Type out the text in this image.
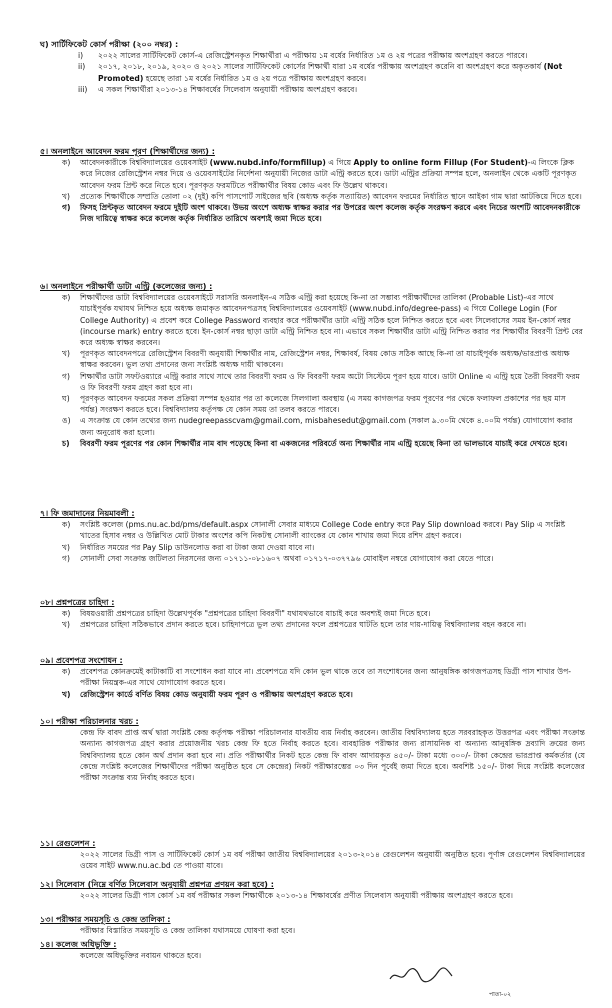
ঘ) সার্টিফিকেট কোর্স পরীক্ষা (২০০ নম্বর) :

i) ২০২২ সালের সার্টিফিকেট কোর্স-এ রেজিস্ট্রেশনকৃত শিক্ষার্থীরা এ পরীক্ষায় ১ম বর্ষের নির্ধারিত ১ম ও ২য় পত্রের পরীক্ষায় অংশগ্রহণ করতে পারবে।

ii) ২০১৭, ২০১৮, ২০১৯, ২০২০ ও ২০২১ সালের সার্টিফিকেট কোর্সের শিক্ষার্থী যারা ১ম বর্ষের পরীক্ষায় অংশগ্রহণ করেনি বা অংশগ্রহণ করে অকৃতকার্য (Not Promoted) হয়েছে তারা ১ম বর্ষের নির্ধারিত ১ম ও ২য় পত্রে পরীক্ষায় অংশগ্রহণ করবে।

iii) এ সকল শিক্ষার্থীরা ২০১৩-১৪ শিক্ষাবর্ষের সিলেবাস অনুযায়ী পরীক্ষায় অংশগ্রহণ করবে।

৫। অনলাইনে আবেদন ফরম পূরণ (শিক্ষার্থীদের জন্য) :

ক) আবেদনকারীকে বিশ্ববিদ্যালয়ের ওয়েবসাইট (www.nubd.info/formfillup) এ গিয়ে Apply to online form Fillup (For Student)-এ লিংকে ক্লিক করে নিজের রেজিস্ট্রেশন নম্বর দিয়ে ও ওয়েবসাইটের নির্দেশনা অনুযায়ী নিজের ডাটা এন্ট্রি করতে হবে। ডাটা এন্ট্রির প্রক্রিয়া সম্পন্ন হলে, অনলাইন থেকে একটি পূরণকৃত আবেদন ফরম প্রিন্ট করে নিতে হবে। পূরণকৃত ফরমটিতে পরীক্ষার্থীর বিষয় কোড এবং ফি উল্লেখ থাকবে।

খ) প্রত্যেক শিক্ষার্থীকে সম্প্রতি তোলা ০২ (দুই) কপি পাসপোর্ট সাইজের ছবি (অধ্যক্ষ কর্তৃক সত্যায়িত) আবেদন ফরমের নির্ধারিত স্থানে আইকা গাম দ্বারা আটকিয়ে দিতে হবে।

গ) ফিসহ প্রিন্টকৃত আবেদন ফরমে দুইটি অংশ থাকবে। উভয় অংশে অধ্যক্ষ স্বাক্ষর করার পর উপরের অংশ কলেজ কর্তৃক সংরক্ষণ করবে এবং নিচের অংশটি আবেদনকারীকে নিজ দায়িত্বে স্বাক্ষর করে কলেজ কর্তৃক নির্ধারিত তারিখে অবশ্যই জমা দিতে হবে।

৬। অনলাইনে পরীক্ষার্থী ডাটা এন্ট্রি (কলেজের জন্য) :

ক) শিক্ষার্থীদের ডাটা বিশ্ববিদ্যালয়ের ওয়েবসাইটে সরাসরি অনলাইন-এ সঠিক এন্ট্রি করা হয়েছে কি-না তা সম্ভাব্য পরীক্ষার্থীদের তালিকা (Probable List)-এর সাথে যাচাইপূর্বক যথাযথ নিশ্চিত হয়ে অধ্যক্ষ জমাকৃত আবেদনপত্রসহ বিশ্ববিদ্যালয়ের ওয়েবসাইট (www.nubd.info/degree-pass) এ গিয়ে College Login (For College Authority) এ প্রবেশ করে College Password ব্যবহার করে পরীক্ষার্থীর ডাটা এন্ট্রি সঠিক হলে নিশ্চিত করতে হবে এবং সিলেবাসের সময় ইন-কোর্স নম্বর (incourse mark) entry করতে হবে। ইন-কোর্স নম্বর ছাড়া ডাটা এন্ট্রি নিশ্চিত হবে না। এভাবে সকল শিক্ষার্থীর ডাটা এন্ট্রি নিশ্চিত করার পর শিক্ষার্থীর বিবরণী প্রিন্ট বের করে অধ্যক্ষ স্বাক্ষর করবেন।

খ) পূরণকৃত আবেদনপত্রে রেজিস্ট্রেশন বিবরণী অনুযায়ী শিক্ষার্থীর নাম, রেজিস্ট্রেশন নম্বর, শিক্ষাবর্ষ, বিষয় কোড সঠিক আছে কি-না তা যাচাইপূর্বক অধ্যক্ষ/ভারপ্রাপ্ত অধ্যক্ষ স্বাক্ষর করবেন। ভুল তথ্য প্রদানের জন্য সংশ্লিষ্ট অধ্যক্ষ দায়ী থাকবেন।

গ) শিক্ষার্থীর ডাটা সফটওয়্যারে এন্ট্রি করার সাথে সাথে তার বিবরণী ফরম ও ফি বিবরণী ফরম অটো সিস্টেমে পূরণ হয়ে যাবে। ডাটা Online এ এন্ট্রি হয়ে তৈরী বিবরণী ফরম ও ফি বিবরণী ফরম গ্রহণ করা হবে না।

ঘ) পূরণকৃত আবেদন ফরমের সকল প্রক্রিয়া সম্পন্ন হওয়ার পর তা কলেজে সিলগালা অবস্থায় (এ সময় কাগজপত্র ফরম পূরণের পর থেকে ফলাফল প্রকাশের পর ছয় মাস পর্যন্ত) সংরক্ষণ করতে হবে। বিশ্ববিদ্যালয় কর্তৃপক্ষ যে কোন সময় তা তলব করতে পারবে।

ঙ) এ সংক্রান্ত যে কোন তথ্যের জন্য nudegreepasscvam@gmail.com, misbahesedut@gmail.com (সকাল ৯.৩০মি থেকে ৪.০০মি পর্যন্ত) যোগাযোগ করার জন্য অনুরোধ করা হলো।

চ) বিবরণী ফরম পূরণের পর কোন শিক্ষার্থীর নাম বাদ পড়েছে কিনা বা একজনের পরিবর্তে অন্য শিক্ষার্থীর নাম এন্ট্রি হয়েছে কিনা তা ভালভাবে যাচাই করে দেখতে হবে।

৭। ফি জমাদানের নিয়মাবলী :

ক) সংশ্লিষ্ট কলেজ (pms.nu.ac.bd/pms/default.aspx সোনালী সেবার মাধ্যমে College Code entry করে Pay Slip download করবে। Pay Slip এ সংশ্লিষ্ট খাতের হিসাব নম্বর ও উল্লিখিত মোট টাকার অংশের কপি নিকটস্থ সোনালী ব্যাংকের যে কোন শাখায় জমা দিয়ে রশিদ গ্রহণ করবে।

খ) নির্ধারিত সময়ের পর Pay Slip ডাউনলোড করা বা টাকা জমা দেওয়া যাবে না।

গ) সোনালী সেবা সংক্রান্ত জটিলতা নিরসনের জন্য ০১৭১১-০৮১৬০৭ অথবা ০১৭১৭-০৩৭৭৯৬ মোবাইল নম্বরে যোগাযোগ করা যেতে পারে।

০৮। প্রশ্নপত্রের চাহিদা :

ক) বিষয়ওয়ারী প্রশ্নপত্রের চাহিদা উল্লেখপূর্বক "প্রশ্নপত্রের চাহিদা বিবরণী" যথাযথভাবে যাচাই করে অবশ্যই জমা দিতে হবে।

খ) প্রশ্নপত্রের চাহিদা সঠিকভাবে প্রদান করতে হবে। চাহিদাপত্রে ভুল তথ্য প্রদানের ফলে প্রশ্নপত্রের ঘাটতি হলে তার দায়-দায়িত্ব বিশ্ববিদ্যালয় বহন করবে না।

০৯। প্রবেশপত্র সংশোধন :

ক) প্রবেশপত্র কোনক্রমেই কাটাকাটি বা সংশোধন করা যাবে না। প্রবেশপত্রে যদি কোন ভুল থাকে তবে তা সংশোধনের জন্য আনুষঙ্গিক কাগজপত্রসহ ডিগ্রী পাস শাখার উপ-পরীক্ষা নিয়ন্ত্রক-এর সাথে যোগাযোগ করতে হবে।

খ) রেজিস্ট্রেশন কার্ডে বর্ণিত বিষয় কোড অনুযায়ী ফরম পূরণ ও পরীক্ষায় অংশগ্রহণ করতে হবে।

১০। পরীক্ষা পরিচালনার খরচ :

কেন্দ্র ফি বাবদ প্রাপ্ত অর্থ দ্বারা সংশ্লিষ্ট কেন্দ্র কর্তৃপক্ষ পরীক্ষা পরিচালনার যাবতীয় ব্যয় নির্বাহ করবেন। জাতীয় বিশ্ববিদ্যালয় হতে সরবরাহকৃত উত্তরপত্র এবং পরীক্ষা সংক্রান্ত অন্যান্য কাগজপত্র গ্রহণ করার প্রয়োজনীয় খরচ কেন্দ্র ফি হতে নির্বাহ করতে হবে। ব্যবহারিক পরীক্ষার জন্য রাসায়নিক বা অন্যান্য আনুষঙ্গিক দ্রব্যাদি ক্রয়ের জন্য বিশ্ববিদ্যালয় হতে কোন অর্থ প্রদান করা হবে না। প্রতি পরীক্ষার্থীর নিকট হতে কেন্দ্র ফি বাবদ আদায়কৃত ৪৫০/- টাকা মধ্যে ৩০০/- টাকা কেন্দ্রের ভারপ্রাপ্ত কর্মকর্তার (যে কেন্দ্রে সংশ্লিষ্ট কলেজের শিক্ষার্থীদের পরীক্ষা অনুষ্ঠিত হবে সে কেন্দ্রের) নিকট পরীক্ষারম্ভের ০৩ দিন পূর্বেই জমা দিতে হবে। অবশিষ্ট ১৫০/- টাকা দিয়ে সংশ্লিষ্ট কলেজের পরীক্ষা সংক্রান্ত ব্যয় নির্বাহ করতে হবে।

১১। রেগুলেশন :

২০২২ সালের ডিগ্রী পাস ও সার্টিফিকেট কোর্স ১ম বর্ষ পরীক্ষা জাতীয় বিশ্ববিদ্যালয়ের ২০১৩-২০১৪ রেগুলেশন অনুযায়ী অনুষ্ঠিত হবে। পূর্ণাঙ্গ রেগুলেশন বিশ্ববিদ্যালয়ের ওয়েব সাইট www.nu.ac.bd তে পাওয়া যাবে।

১২। সিলেবাস (নিম্নে বর্ণিত সিলেবাস অনুযায়ী প্রশ্নপত্র প্রণয়ন করা হবে) :

২০২২ সালের ডিগ্রী পাস কোর্স ১ম বর্ষ পরীক্ষার সকল শিক্ষার্থীকে ২০১৩-১৪ শিক্ষাবর্ষের প্রণীত সিলেবাস অনুযায়ী পরীক্ষায় অংশগ্রহণ করতে হবে।

১৩। পরীক্ষার সময়সূচি ও কেন্দ্র তালিকা :

পরীক্ষার বিস্তারিত সময়সূচি ও কেন্দ্র তালিকা যথাসময়ে ঘোষণা করা হবে।

১৪। কলেজ অধিভুক্তি :

কলেজে অধিভুক্তির নবায়ন থাকতে হবে।

পাতা-০২
